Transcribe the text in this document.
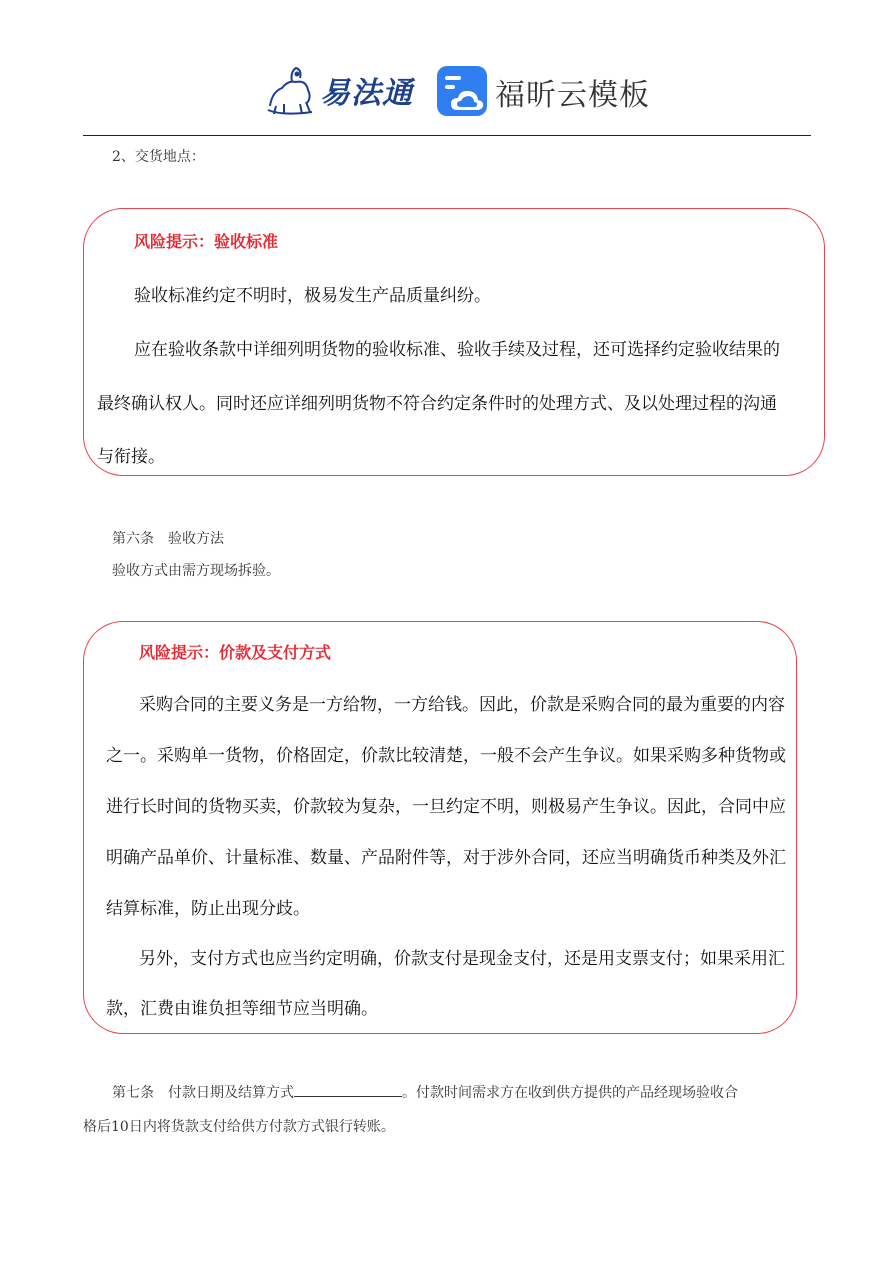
易法通	福昕云模板
2、交货地点：
风险提示：验收标准
验收标准约定不明时，极易发生产品质量纠纷。
应在验收条款中详细列明货物的验收标准、验收手续及过程，还可选择约定验收结果的
最终确认权人。同时还应详细列明货物不符合约定条件时的处理方式、及以处理过程的沟通
与衔接。
第六条　验收方法
验收方式由需方现场拆验。
风险提示：价款及支付方式
采购合同的主要义务是一方给物，一方给钱。因此，价款是采购合同的最为重要的内容
之一。采购单一货物，价格固定，价款比较清楚，一般不会产生争议。如果采购多种货物或
进行长时间的货物买卖，价款较为复杂，一旦约定不明，则极易产生争议。因此，合同中应
明确产品单价、计量标准、数量、产品附件等，对于涉外合同，还应当明确货币种类及外汇
结算标准，防止出现分歧。
另外，支付方式也应当约定明确，价款支付是现金支付，还是用支票支付；如果采用汇
款，汇费由谁负担等细节应当明确。
第七条　付款日期及结算方式	。付款时间需求方在收到供方提供的产品经现场验收合
格后10日内将货款支付给供方付款方式银行转账。
